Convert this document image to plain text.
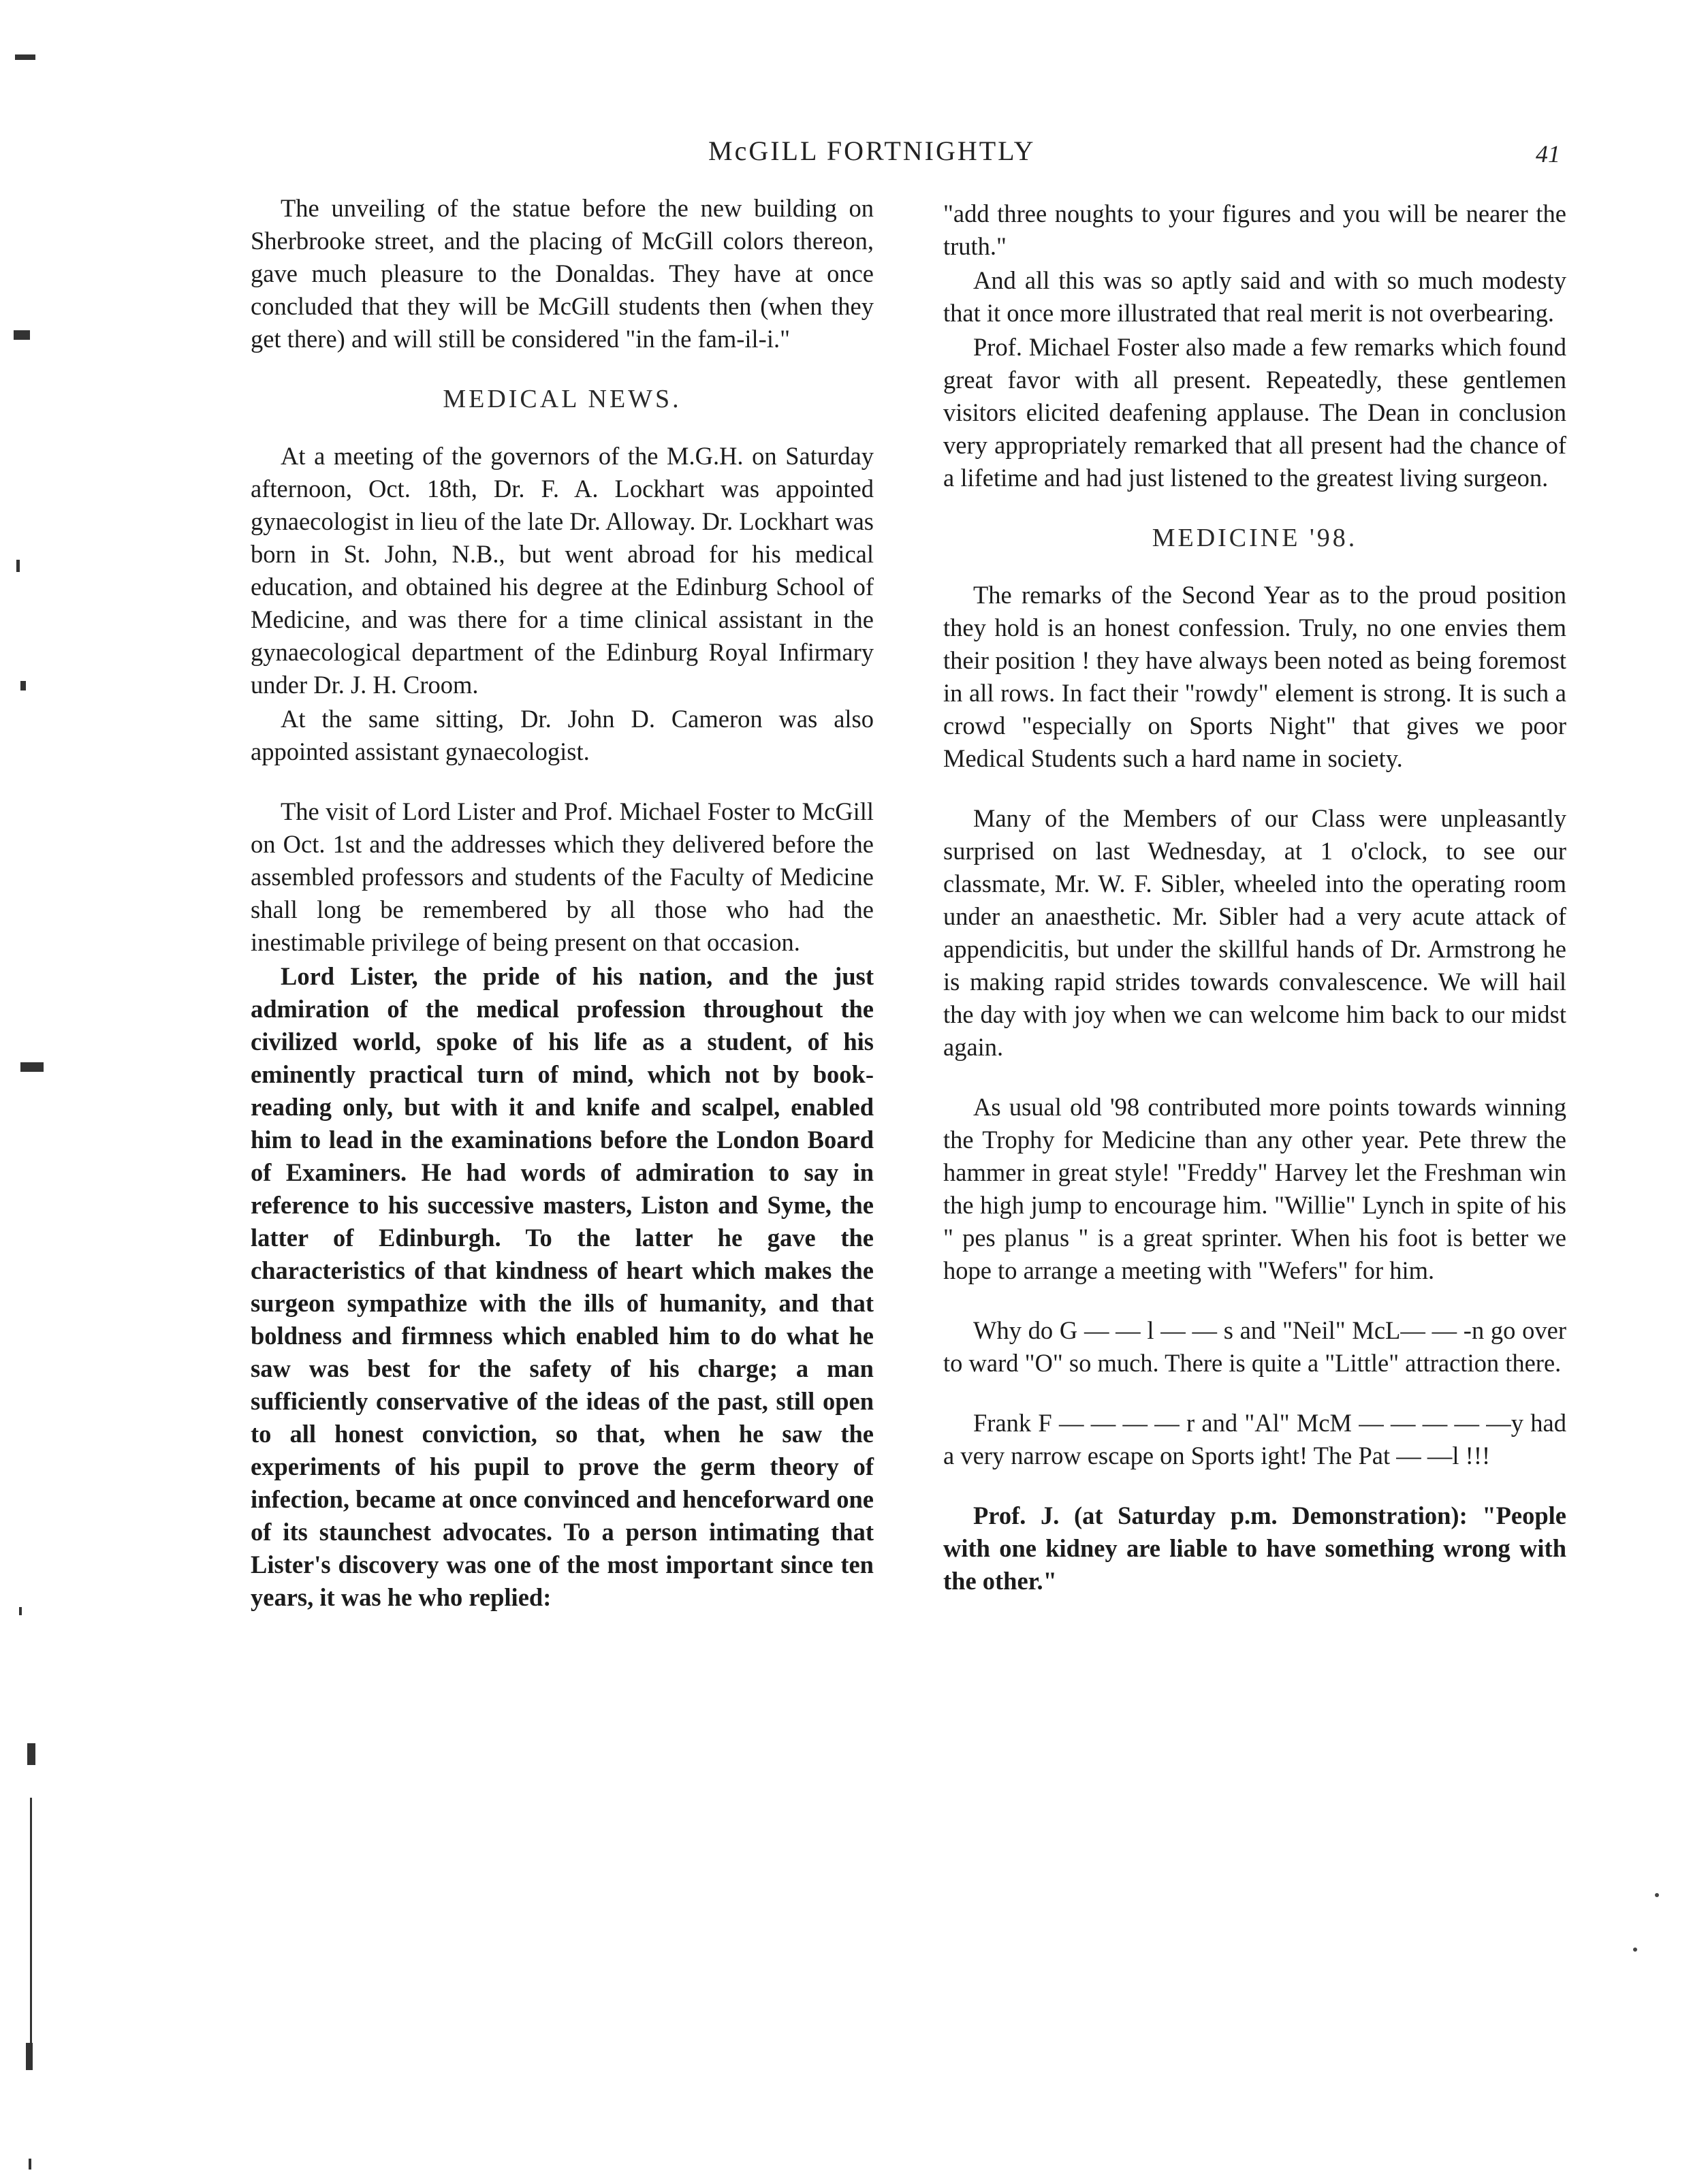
McGILL FORTNIGHTLY	41

The unveiling of the statue before the new building on Sherbrooke street, and the placing of McGill colors thereon, gave much pleasure to the Donaldas. They have at once concluded that they will be McGill students then (when they get there) and will still be considered "in the fam-il-i."

MEDICAL NEWS.

At a meeting of the governors of the M.G.H. on Saturday afternoon, Oct. 18th, Dr. F. A. Lockhart was appointed gynaecologist in lieu of the late Dr. Alloway. Dr. Lockhart was born in St. John, N.B., but went abroad for his medical education, and obtained his degree at the Edinburg School of Medicine, and was there for a time clinical assistant in the gynaecological department of the Edinburg Royal Infirmary under Dr. J. H. Croom.

At the same sitting, Dr. John D. Cameron was also appointed assistant gynaecologist.

The visit of Lord Lister and Prof. Michael Foster to McGill on Oct. 1st and the addresses which they delivered before the assembled professors and students of the Faculty of Medicine shall long be remembered by all those who had the inestimable privilege of being present on that occasion.

Lord Lister, the pride of his nation, and the just admiration of the medical profession throughout the civilized world, spoke of his life as a student, of his eminently practical turn of mind, which not by book-reading only, but with it and knife and scalpel, enabled him to lead in the examinations before the London Board of Examiners. He had words of admiration to say in reference to his successive masters, Liston and Syme, the latter of Edinburgh. To the latter he gave the characteristics of that kindness of heart which makes the surgeon sympathize with the ills of humanity, and that boldness and firmness which enabled him to do what he saw was best for the safety of his charge; a man sufficiently conservative of the ideas of the past, still open to all honest conviction, so that, when he saw the experiments of his pupil to prove the germ theory of infection, became at once convinced and henceforward one of its staunchest advocates. To a person intimating that Lister's discovery was one of the most important since ten years, it was he who replied:

"add three noughts to your figures and you will be nearer the truth."

And all this was so aptly said and with so much modesty that it once more illustrated that real merit is not overbearing.

Prof. Michael Foster also made a few remarks which found great favor with all present. Repeatedly, these gentlemen visitors elicited deafening applause. The Dean in conclusion very appropriately remarked that all present had the chance of a lifetime and had just listened to the greatest living surgeon.

MEDICINE '98.

The remarks of the Second Year as to the proud position they hold is an honest confession. Truly, no one envies them their position ! they have always been noted as being foremost in all rows. In fact their "rowdy" element is strong. It is such a crowd "especially on Sports Night" that gives we poor Medical Students such a hard name in society.

Many of the Members of our Class were unpleasantly surprised on last Wednesday, at 1 o'clock, to see our classmate, Mr. W. F. Sibler, wheeled into the operating room under an anaesthetic. Mr. Sibler had a very acute attack of appendicitis, but under the skillful hands of Dr. Armstrong he is making rapid strides towards convalescence. We will hail the day with joy when we can welcome him back to our midst again.

As usual old '98 contributed more points towards winning the Trophy for Medicine than any other year. Pete threw the hammer in great style! "Freddy" Harvey let the Freshman win the high jump to encourage him. "Willie" Lynch in spite of his " pes planus " is a great sprinter. When his foot is better we hope to arrange a meeting with "Wefers" for him.

Why do G — — l — — s and "Neil" McL— — -n go over to ward "O" so much. There is quite a "Little" attraction there.

Frank F — — — — r and "Al" McM — — — — —y had a very narrow escape on Sports ight! The Pat — —l !!!

Prof. J. (at Saturday p.m. Demonstration): "People with one kidney are liable to have something wrong with the other."
